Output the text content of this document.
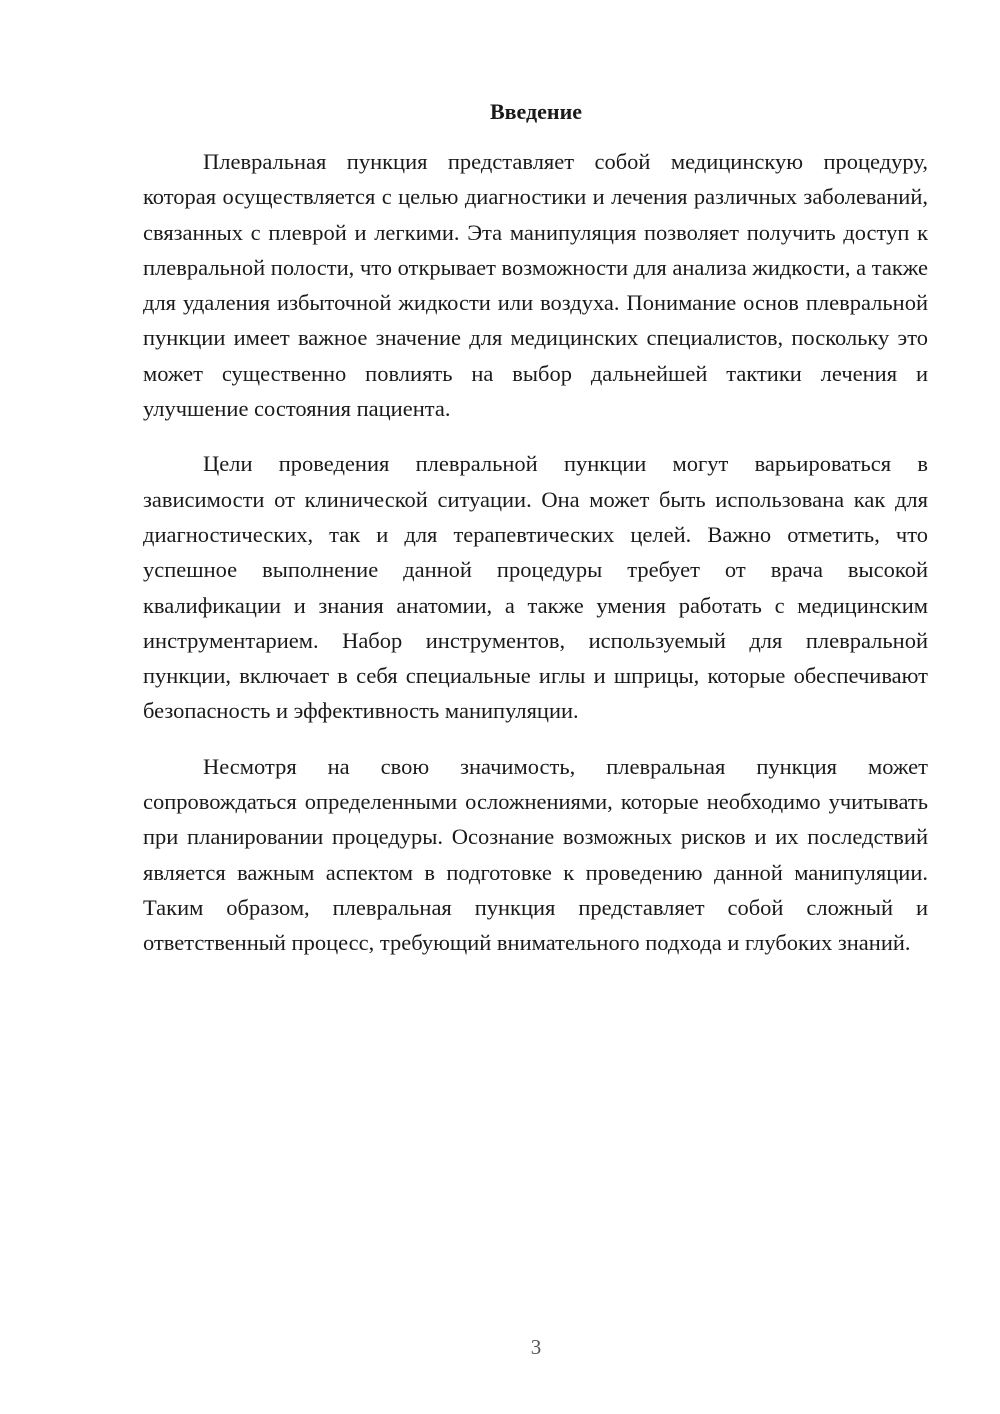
Введение

Плевральная пункция представляет собой медицинскую процедуру, которая осуществляется с целью диагностики и лечения различных заболеваний, связанных с плеврой и легкими. Эта манипуляция позволяет получить доступ к плевральной полости, что открывает возможности для анализа жидкости, а также для удаления избыточной жидкости или воздуха. Понимание основ плевральной пункции имеет важное значение для медицинских специалистов, поскольку это может существенно повлиять на выбор дальнейшей тактики лечения и улучшение состояния пациента.

Цели проведения плевральной пункции могут варьироваться в зависимости от клинической ситуации. Она может быть использована как для диагностических, так и для терапевтических целей. Важно отметить, что успешное выполнение данной процедуры требует от врача высокой квалификации и знания анатомии, а также умения работать с медицинским инструментарием. Набор инструментов, используемый для плевральной пункции, включает в себя специальные иглы и шприцы, которые обеспечивают безопасность и эффективность манипуляции.

Несмотря на свою значимость, плевральная пункция может сопровождаться определенными осложнениями, которые необходимо учитывать при планировании процедуры. Осознание возможных рисков и их последствий является важным аспектом в подготовке к проведению данной манипуляции. Таким образом, плевральная пункция представляет собой сложный и ответственный процесс, требующий внимательного подхода и глубоких знаний.

3
